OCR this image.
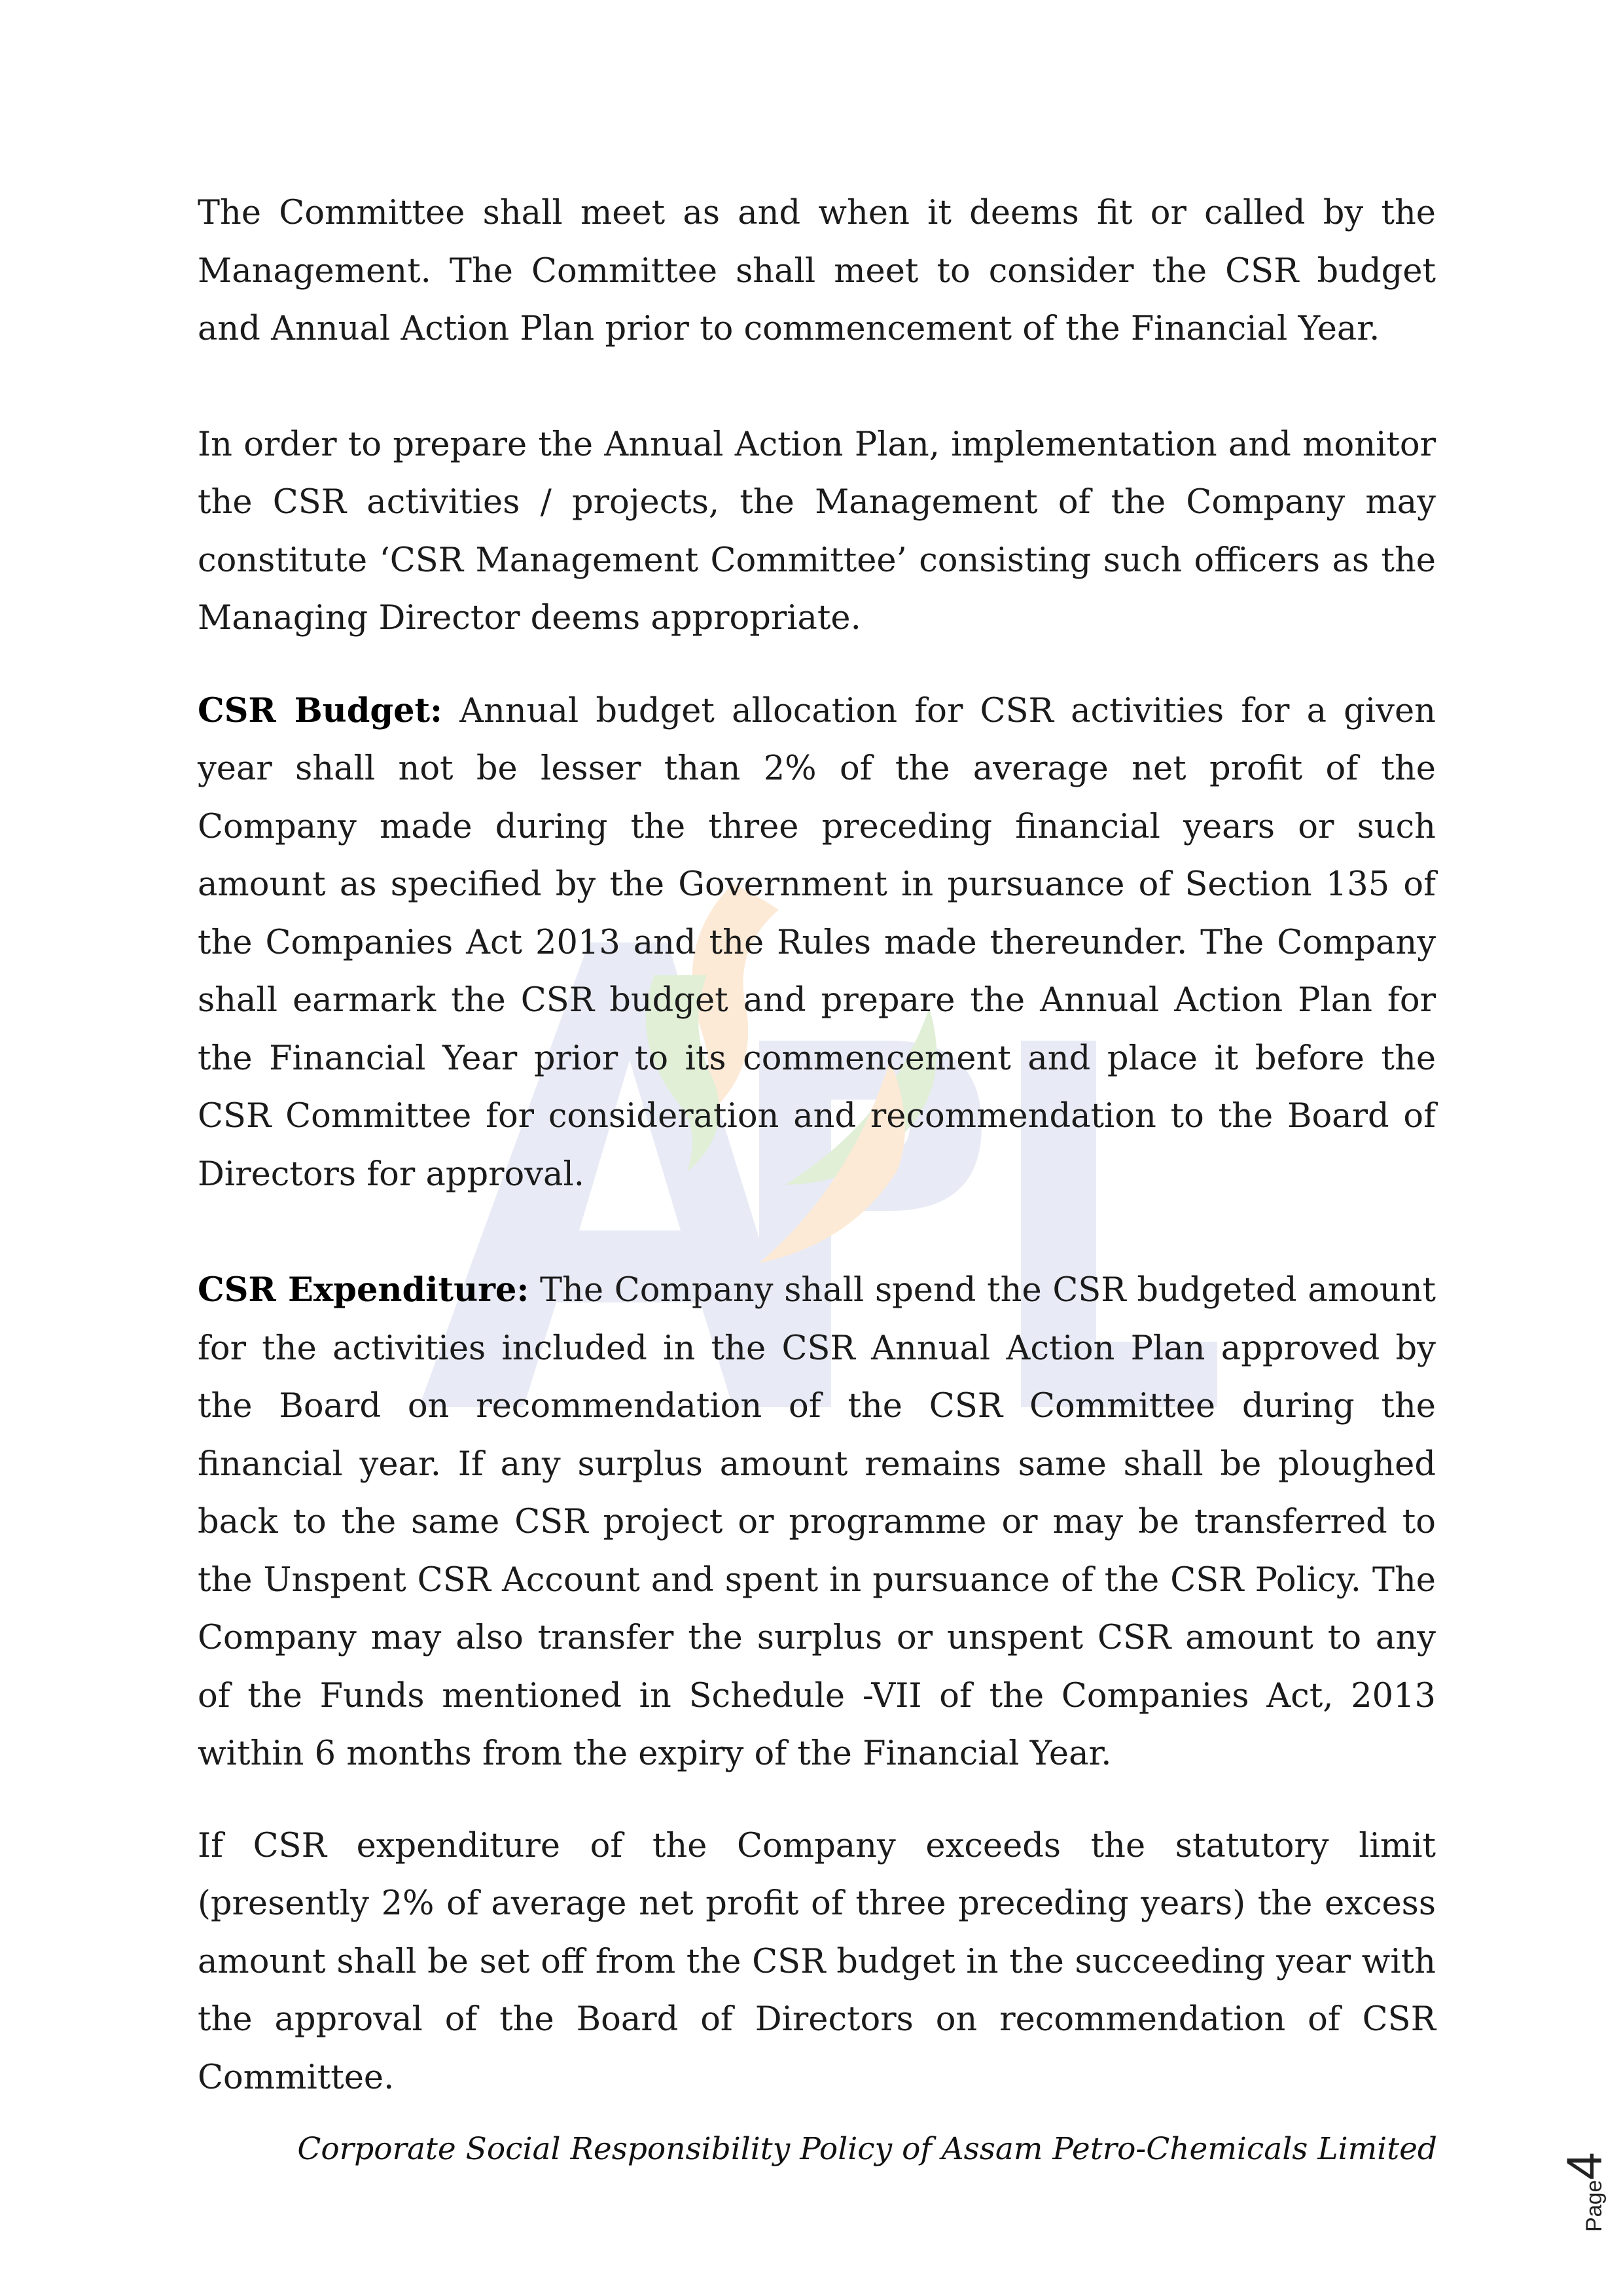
The Committee shall meet as and when it deems fit or called by the Management. The Committee shall meet to consider the CSR budget and Annual Action Plan prior to commencement of the Financial Year.

In order to prepare the Annual Action Plan, implementation and monitor the CSR activities / projects, the Management of the Company may constitute ‘CSR Management Committee’ consisting such officers as the Managing Director deems appropriate.

CSR Budget: Annual budget allocation for CSR activities for a given year shall not be lesser than 2% of the average net profit of the Company made during the three preceding financial years or such amount as specified by the Government in pursuance of Section 135 of the Companies Act 2013 and the Rules made thereunder. The Company shall earmark the CSR budget and prepare the Annual Action Plan for the Financial Year prior to its commencement and place it before the CSR Committee for consideration and recommendation to the Board of Directors for approval.

CSR Expenditure: The Company shall spend the CSR budgeted amount for the activities included in the CSR Annual Action Plan approved by the Board on recommendation of the CSR Committee during the financial year. If any surplus amount remains same shall be ploughed back to the same CSR project or programme or may be transferred to the Unspent CSR Account and spent in pursuance of the CSR Policy. The Company may also transfer the surplus or unspent CSR amount to any of the Funds mentioned in Schedule -VII of the Companies Act, 2013 within 6 months from the expiry of the Financial Year.

If CSR expenditure of the Company exceeds the statutory limit (presently 2% of average net profit of three preceding years) the excess amount shall be set off from the CSR budget in the succeeding year with the approval of the Board of Directors on recommendation of CSR Committee.

Page4
Corporate Social Responsibility Policy of Assam Petro-Chemicals Limited
